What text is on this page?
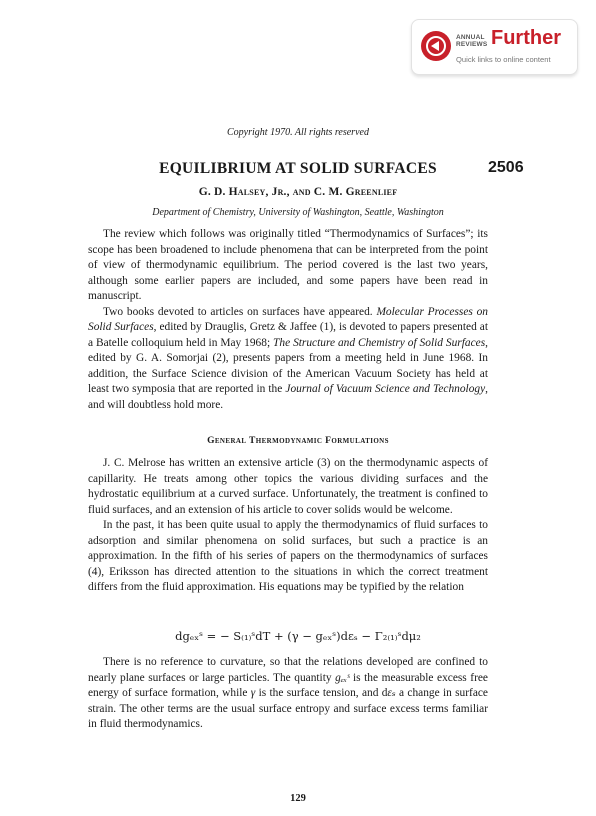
ANNUAL
REVIEWS Further
Quick links to online content
Copyright 1970. All rights reserved
EQUILIBRIUM AT SOLID SURFACES	2506
G. D. Halsey, Jr., and C. M. Greenlief
Department of Chemistry, University of Washington, Seattle, Washington

The review which follows was originally titled “Thermodynamics of Surfaces”; its scope has been broadened to include phenomena that can be interpreted from the point of view of thermodynamic equilibrium. The period covered is the last two years, although some earlier papers are included, and some papers have been read in manuscript.

Two books devoted to articles on surfaces have appeared. Molecular Processes on Solid Surfaces, edited by Drauglis, Gretz & Jaffee (1), is devoted to papers presented at a Batelle colloquium held in May 1968; The Structure and Chemistry of Solid Surfaces, edited by G. A. Somorjai (2), presents papers from a meeting held in June 1968. In addition, the Surface Science division of the American Vacuum Society has held at least two symposia that are reported in the Journal of Vacuum Science and Technology, and will doubtless hold more.

General Thermodynamic Formulations

J. C. Melrose has written an extensive article (3) on the thermodynamic aspects of capillarity. He treats among other topics the various dividing surfaces and the hydrostatic equilibrium at a curved surface. Unfortunately, the treatment is confined to fluid surfaces, and an extension of his article to cover solids would be welcome.

In the past, it has been quite usual to apply the thermodynamics of fluid surfaces to adsorption and similar phenomena on solid surfaces, but such a practice is an approximation. In the fifth of his series of papers on the thermodynamics of surfaces (4), Eriksson has directed attention to the situations in which the correct treatment differs from the fluid approximation. His equations may be typified by the relation

dgₑₓˢ = − S₍₁₎ˢdT + (γ − gₑₓˢ)dεₛ − Γ₂₍₁₎ˢdμ₂

There is no reference to curvature, so that the relations developed are confined to nearly plane surfaces or large particles. The quantity gₑₓˢ is the measurable excess free energy of surface formation, while γ is the surface tension, and dεₛ a change in surface strain. The other terms are the usual surface entropy and surface excess terms familiar in fluid thermodynamics.

129
